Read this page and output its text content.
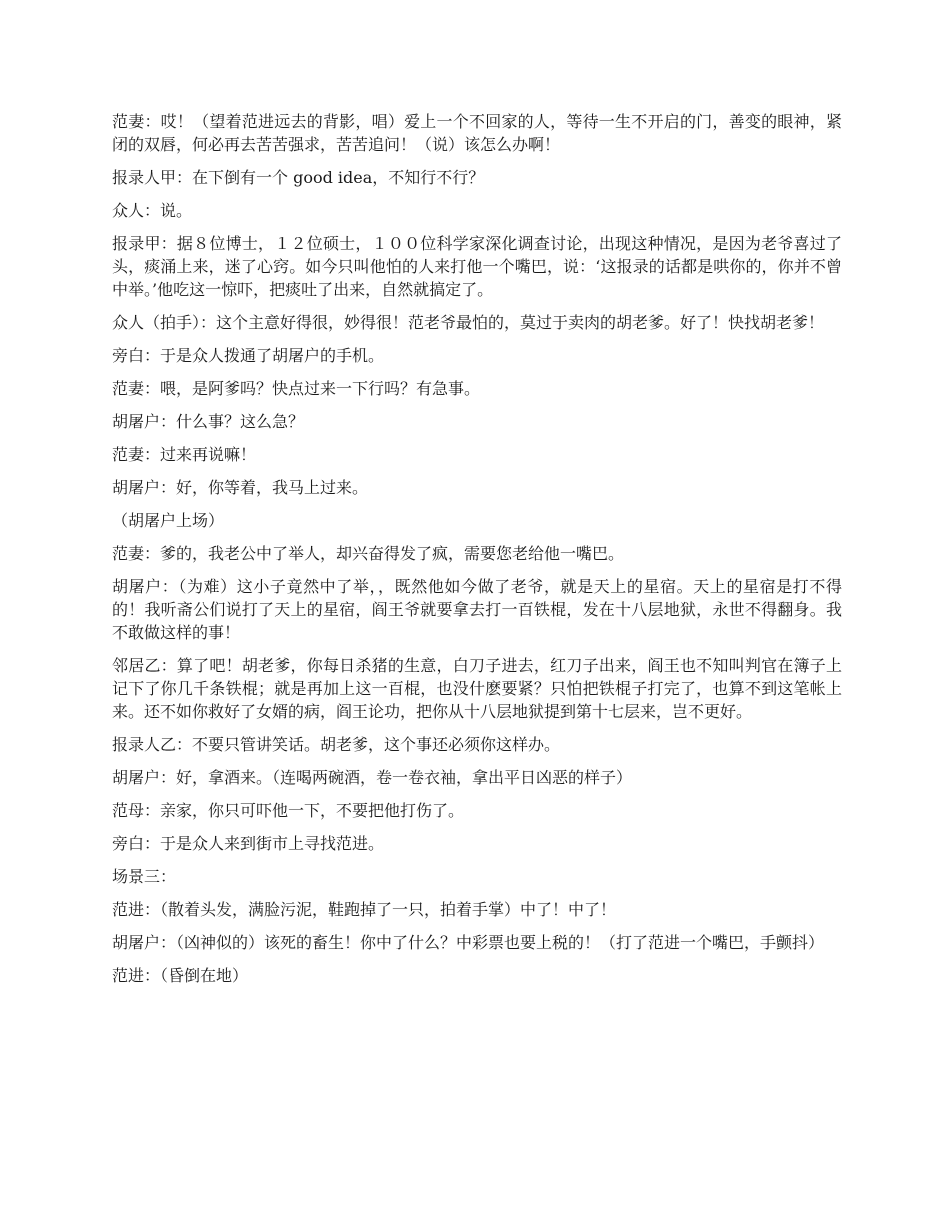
范妻：哎！（望着范进远去的背影，唱）爱上一个不回家的人，等待一生不开启的门，善变的眼神，紧闭的双唇，何必再去苦苦强求，苦苦追问！（说）该怎么办啊！

报录人甲：在下倒有一个 good idea，不知行不行？

众人：说。

报录甲：据８位博士，１２位硕士，１００位科学家深化调查讨论，出现这种情况，是因为老爷喜过了头，痰涌上来，迷了心窍。如今只叫他怕的人来打他一个嘴巴，说：‘这报录的话都是哄你的，你并不曾中举。’他吃这一惊吓，把痰吐了出来，自然就搞定了。

众人（拍手）：这个主意好得很，妙得很！范老爷最怕的，莫过于卖肉的胡老爹。好了！快找胡老爹！

旁白：于是众人拨通了胡屠户的手机。

范妻：喂，是阿爹吗？快点过来一下行吗？有急事。

胡屠户：什么事？这么急？

范妻：过来再说嘛！

胡屠户：好，你等着，我马上过来。

（胡屠户上场）

范妻：爹的，我老公中了举人，却兴奋得发了疯，需要您老给他一嘴巴。

胡屠户：（为难）这小子竟然中了举，，既然他如今做了老爷，就是天上的星宿。天上的星宿是打不得的！我听斋公们说打了天上的星宿，阎王爷就要拿去打一百铁棍，发在十八层地狱，永世不得翻身。我不敢做这样的事！

邻居乙：算了吧！胡老爹，你每日杀猪的生意，白刀子进去，红刀子出来，阎王也不知叫判官在簿子上记下了你几千条铁棍；就是再加上这一百棍，也没什麽要紧？只怕把铁棍子打完了，也算不到这笔帐上来。还不如你救好了女婿的病，阎王论功，把你从十八层地狱提到第十七层来，岂不更好。

报录人乙：不要只管讲笑话。胡老爹，这个事还必须你这样办。

胡屠户：好，拿酒来。（连喝两碗酒，卷一卷衣袖，拿出平日凶恶的样子）

范母：亲家，你只可吓他一下，不要把他打伤了。

旁白：于是众人来到街市上寻找范进。

场景三：

范进：（散着头发，满脸污泥，鞋跑掉了一只，拍着手掌）中了！中了！

胡屠户：（凶神似的）该死的畜生！你中了什么？中彩票也要上税的！（打了范进一个嘴巴，手颤抖）

范进：（昏倒在地）
